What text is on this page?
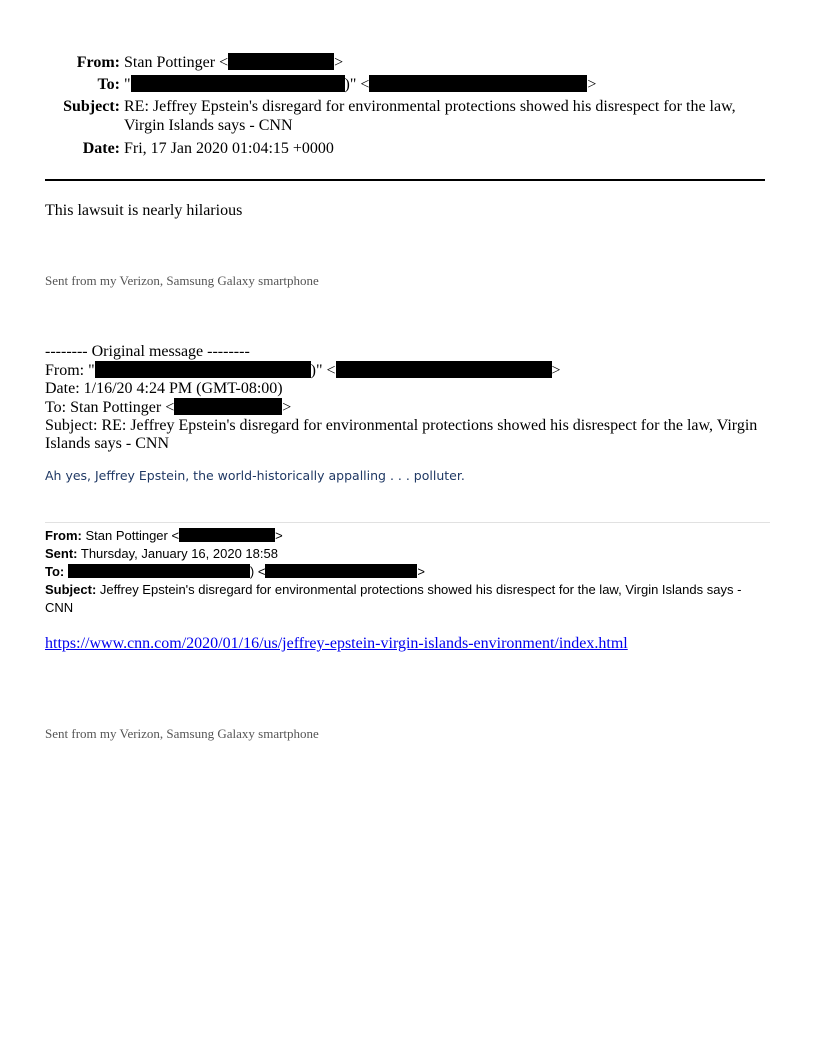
From: Stan Pottinger <	>
To: "	)" <	>
Subject: RE: Jeffrey Epstein's disregard for environmental protections showed his disrespect for the law, Virgin Islands says - CNN
Date: Fri, 17 Jan 2020 01:04:15 +0000
This lawsuit is nearly hilarious
Sent from my Verizon, Samsung Galaxy smartphone
-------- Original message --------
From: "	)" <	>
Date: 1/16/20 4:24 PM (GMT-08:00)
To: Stan Pottinger <	>
Subject: RE: Jeffrey Epstein's disregard for environmental protections showed his disrespect for the law, Virgin Islands says - CNN
Ah yes, Jeffrey Epstein, the world-historically appalling . . . polluter.
From: Stan Pottinger <	>
Sent: Thursday, January 16, 2020 18:58
To:	) <	>
Subject: Jeffrey Epstein's disregard for environmental protections showed his disrespect for the law, Virgin Islands says - CNN
https://www.cnn.com/2020/01/16/us/jeffrey-epstein-virgin-islands-environment/index.html
Sent from my Verizon, Samsung Galaxy smartphone
